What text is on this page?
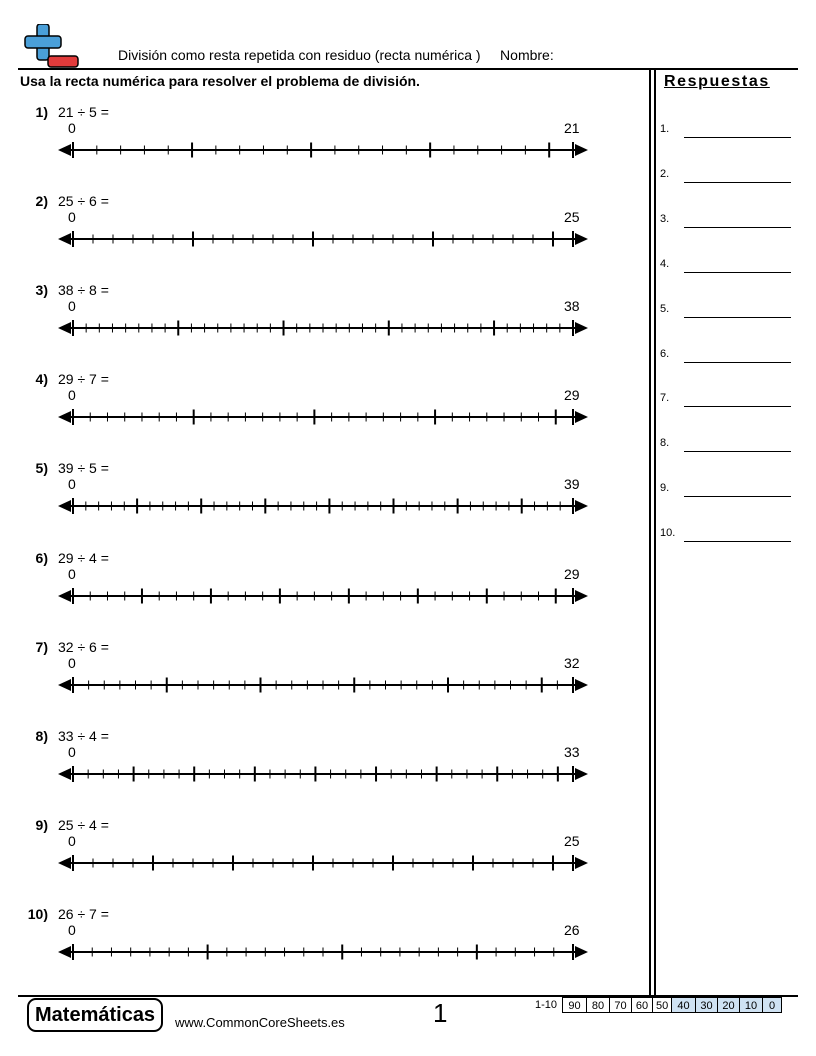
División como resta repetida con residuo (recta numérica )     Nombre:
Usa la recta numérica para resolver el problema de división.	Respuestas
1.
2.
3.
4.
5.
6.
7.
8.
9.
10.
1) 21 ÷ 5 =
0	21
2) 25 ÷ 6 =
0	25
3) 38 ÷ 8 =
0	38
4) 29 ÷ 7 =
0	29
5) 39 ÷ 5 =
0	39
6) 29 ÷ 4 =
0	29
7) 32 ÷ 6 =
0	32
8) 33 ÷ 4 =
0	33
9) 25 ÷ 4 =
0	25
10) 26 ÷ 7 =
0	26
Matemáticas	www.CommonCoreSheets.es	1	1-10	90	80 70 60 50 40 30 20 10	0
